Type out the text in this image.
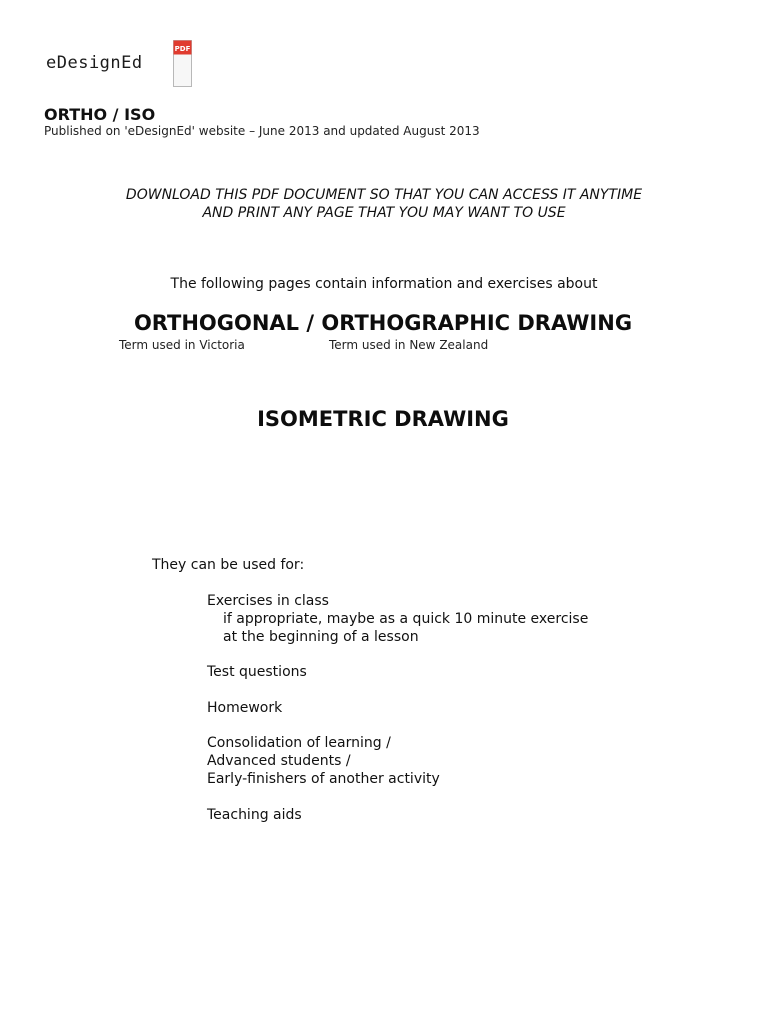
eDesignEd
PDF
ORTHO / ISO
Published on 'eDesignEd' website – June 2013 and updated August 2013
DOWNLOAD THIS PDF DOCUMENT SO THAT YOU CAN ACCESS IT ANYTIME
AND PRINT ANY PAGE THAT YOU MAY WANT TO USE
The following pages contain information and exercises about
ORTHOGONAL / ORTHOGRAPHIC DRAWING
Term used in Victoria	Term used in New Zealand
ISOMETRIC DRAWING
They can be used for:
Exercises in class
if appropriate, maybe as a quick 10 minute exercise
at the beginning of a lesson
Test questions
Homework
Consolidation of learning /
Advanced students /
Early-finishers of another activity
Teaching aids
